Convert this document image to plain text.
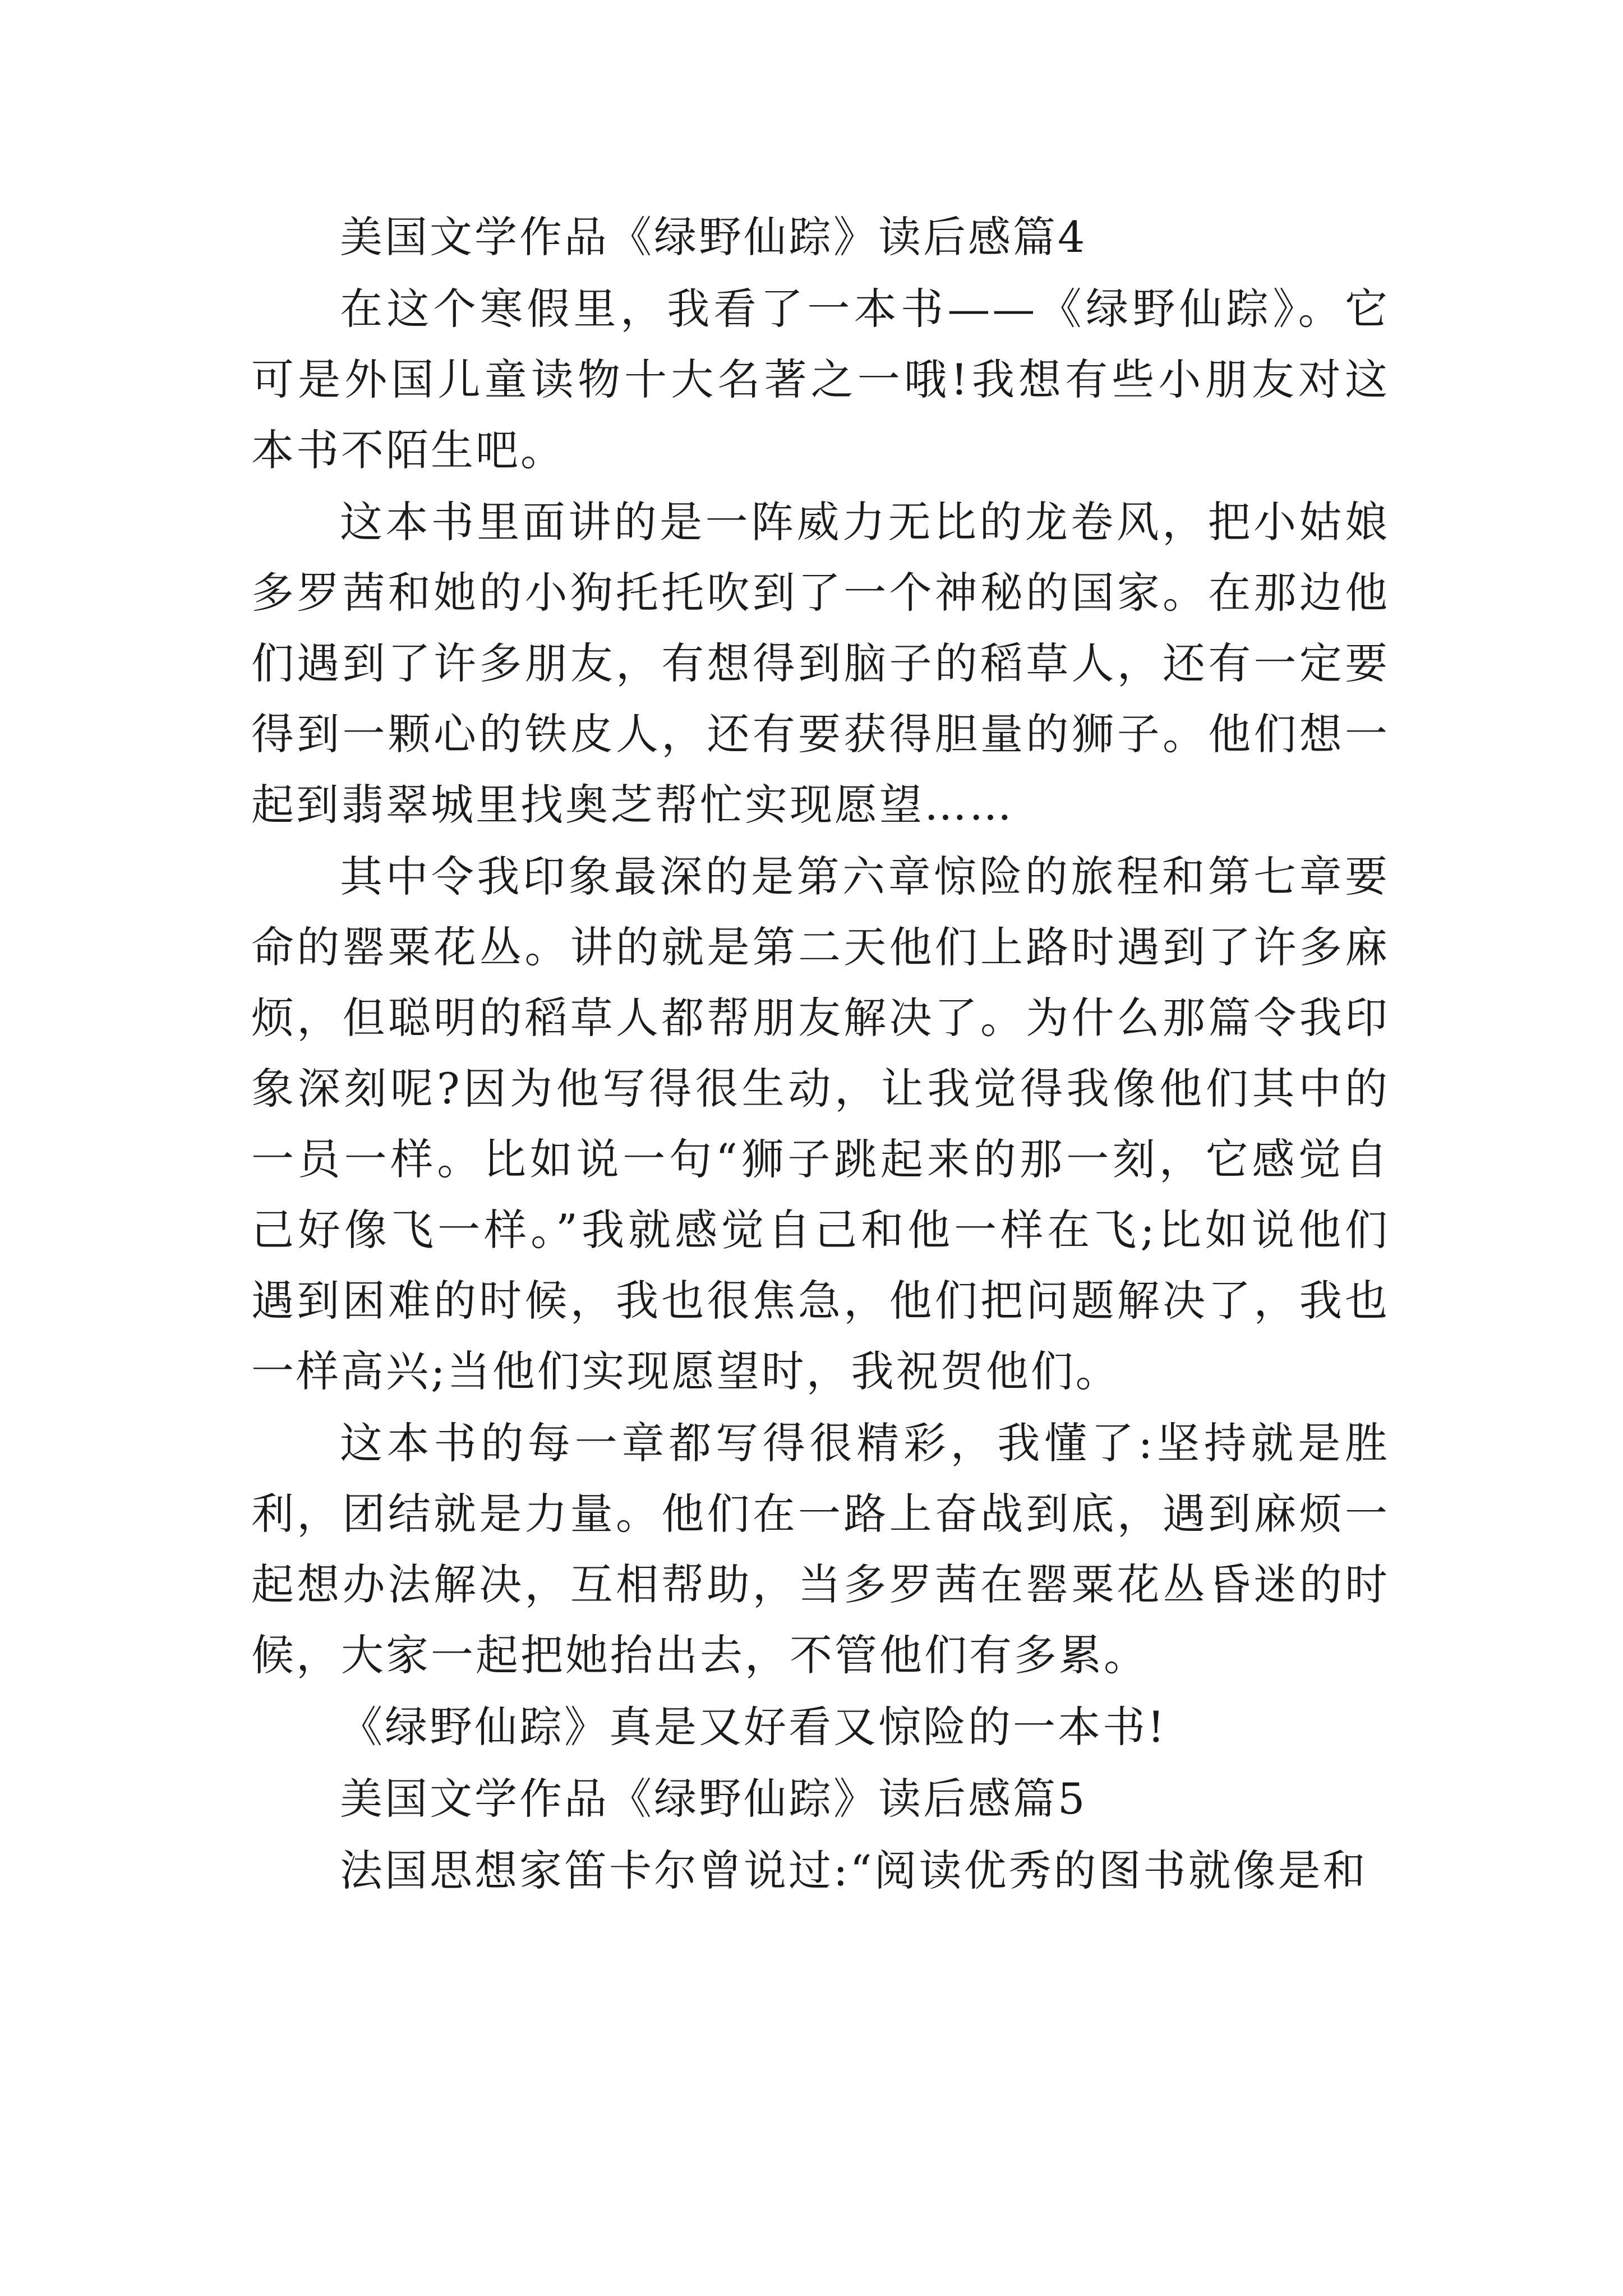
美国文学作品《绿野仙踪》读后感篇4

在这个寒假里，我看了一本书——《绿野仙踪》。它可是外国儿童读物十大名著之一哦!我想有些小朋友对这本书不陌生吧。

这本书里面讲的是一阵威力无比的龙卷风，把小姑娘多罗茜和她的小狗托托吹到了一个神秘的国家。在那边他们遇到了许多朋友，有想得到脑子的稻草人，还有一定要得到一颗心的铁皮人，还有要获得胆量的狮子。他们想一起到翡翠城里找奥芝帮忙实现愿望……

其中令我印象最深的是第六章惊险的旅程和第七章要命的罂粟花丛。讲的就是第二天他们上路时遇到了许多麻烦，但聪明的稻草人都帮朋友解决了。为什么那篇令我印象深刻呢?因为他写得很生动，让我觉得我像他们其中的一员一样。比如说一句“狮子跳起来的那一刻，它感觉自己好像飞一样。”我就感觉自己和他一样在飞;比如说他们遇到困难的时候，我也很焦急，他们把问题解决了，我也一样高兴;当他们实现愿望时，我祝贺他们。

这本书的每一章都写得很精彩，我懂了:坚持就是胜利，团结就是力量。他们在一路上奋战到底，遇到麻烦一起想办法解决，互相帮助，当多罗茜在罂粟花丛昏迷的时候，大家一起把她抬出去，不管他们有多累。

《绿野仙踪》真是又好看又惊险的一本书!

美国文学作品《绿野仙踪》读后感篇5

法国思想家笛卡尔曾说过:“阅读优秀的图书就像是和
